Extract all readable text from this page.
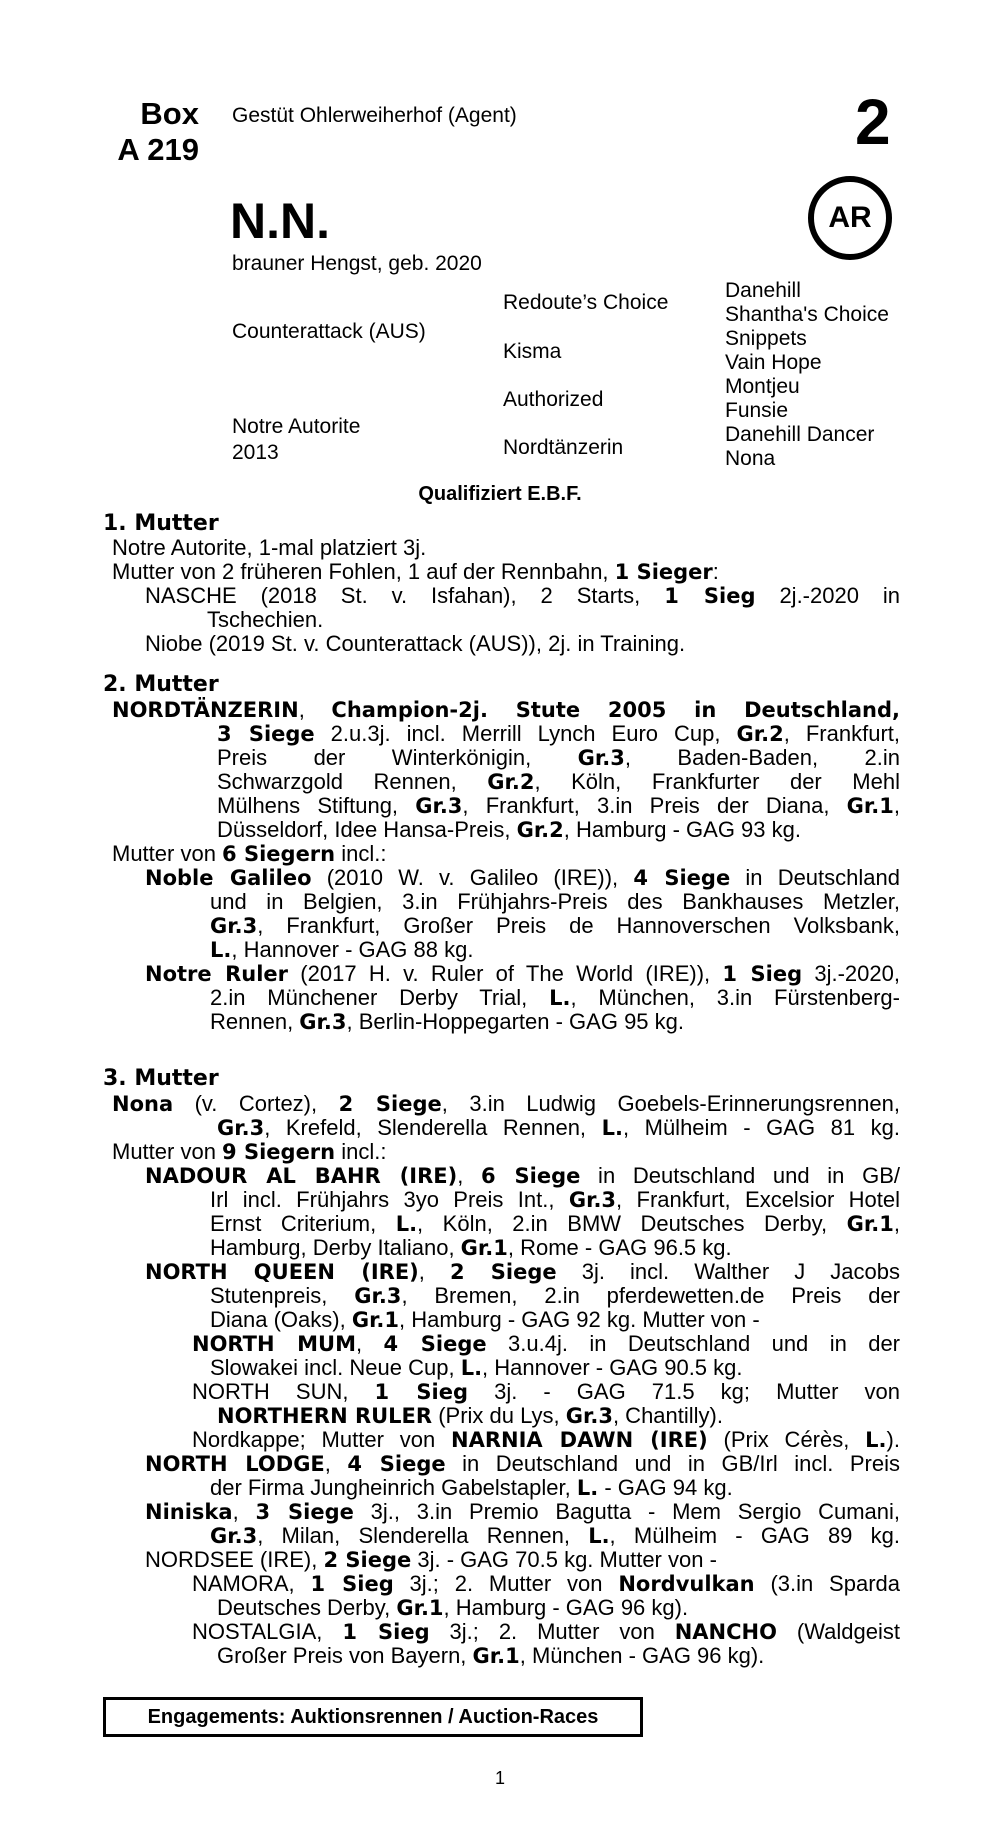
Box
A 219
Gestüt Ohlerweiherhof (Agent)	2
N.N.	AR
brauner Hengst, geb. 2020
Counterattack (AUS)
Notre Autorite
2013
Redoute’s Choice
Kisma
Authorized
Nordtänzerin
Danehill
Shantha's Choice
Snippets
Vain Hope
Montjeu
Funsie
Danehill Dancer
Nona
Qualifiziert E.B.F.
1. Mutter
2. Mutter
3. Mutter
Notre Autorite, 1-mal platziert 3j.
Mutter von 2 früheren Fohlen, 1 auf der Rennbahn, 1 Sieger:
NASCHE (2018 St. v. Isfahan), 2 Starts, 1 Sieg 2j.-2020 in
Tschechien.
Niobe (2019 St. v. Counterattack (AUS)), 2j. in Training.
NORDTÄNZERIN, Champion-2j. Stute 2005 in Deutschland,
3 Siege 2.u.3j. incl. Merrill Lynch Euro Cup, Gr.2, Frankfurt,
Preis der Winterkönigin, Gr.3, Baden-Baden, 2.in
Schwarzgold Rennen, Gr.2, Köln, Frankfurter der Mehl
Mülhens Stiftung, Gr.3, Frankfurt, 3.in Preis der Diana, Gr.1,
Düsseldorf, Idee Hansa-Preis, Gr.2, Hamburg - GAG 93 kg.
Mutter von 6 Siegern incl.:
Noble Galileo (2010 W. v. Galileo (IRE)), 4 Siege in Deutschland
und in Belgien, 3.in Frühjahrs-Preis des Bankhauses Metzler,
Gr.3, Frankfurt, Großer Preis de Hannoverschen Volksbank,
L., Hannover - GAG 88 kg.
Notre Ruler (2017 H. v. Ruler of The World (IRE)), 1 Sieg 3j.-2020,
2.in Münchener Derby Trial, L., München, 3.in Fürstenberg-
Rennen, Gr.3, Berlin-Hoppegarten - GAG 95 kg.
Nona (v. Cortez), 2 Siege, 3.in Ludwig Goebels-Erinnerungsrennen,
Gr.3, Krefeld, Slenderella Rennen, L., Mülheim - GAG 81 kg.
Mutter von 9 Siegern incl.:
NADOUR AL BAHR (IRE), 6 Siege in Deutschland und in GB/
Irl incl. Frühjahrs 3yo Preis Int., Gr.3, Frankfurt, Excelsior Hotel
Ernst Criterium, L., Köln, 2.in BMW Deutsches Derby, Gr.1,
Hamburg, Derby Italiano, Gr.1, Rome - GAG 96.5 kg.
NORTH QUEEN (IRE), 2 Siege 3j. incl. Walther J Jacobs
Stutenpreis, Gr.3, Bremen, 2.in pferdewetten.de Preis der
Diana (Oaks), Gr.1, Hamburg - GAG 92 kg. Mutter von -
NORTH MUM, 4 Siege 3.u.4j. in Deutschland und in der
Slowakei incl. Neue Cup, L., Hannover - GAG 90.5 kg.
NORTH SUN, 1 Sieg 3j. - GAG 71.5 kg; Mutter von
NORTHERN RULER (Prix du Lys, Gr.3, Chantilly).
Nordkappe; Mutter von NARNIA DAWN (IRE) (Prix Cérès, L.).
NORTH LODGE, 4 Siege in Deutschland und in GB/Irl incl. Preis
der Firma Jungheinrich Gabelstapler, L. - GAG 94 kg.
Niniska, 3 Siege 3j., 3.in Premio Bagutta - Mem Sergio Cumani,
Gr.3, Milan, Slenderella Rennen, L., Mülheim - GAG 89 kg.
NORDSEE (IRE), 2 Siege 3j. - GAG 70.5 kg. Mutter von -
NAMORA, 1 Sieg 3j.; 2. Mutter von Nordvulkan (3.in Sparda
Deutsches Derby, Gr.1, Hamburg - GAG 96 kg).
NOSTALGIA, 1 Sieg 3j.; 2. Mutter von NANCHO (Waldgeist
Großer Preis von Bayern, Gr.1, München - GAG 96 kg).
Engagements: Auktionsrennen / Auction-Races
1
